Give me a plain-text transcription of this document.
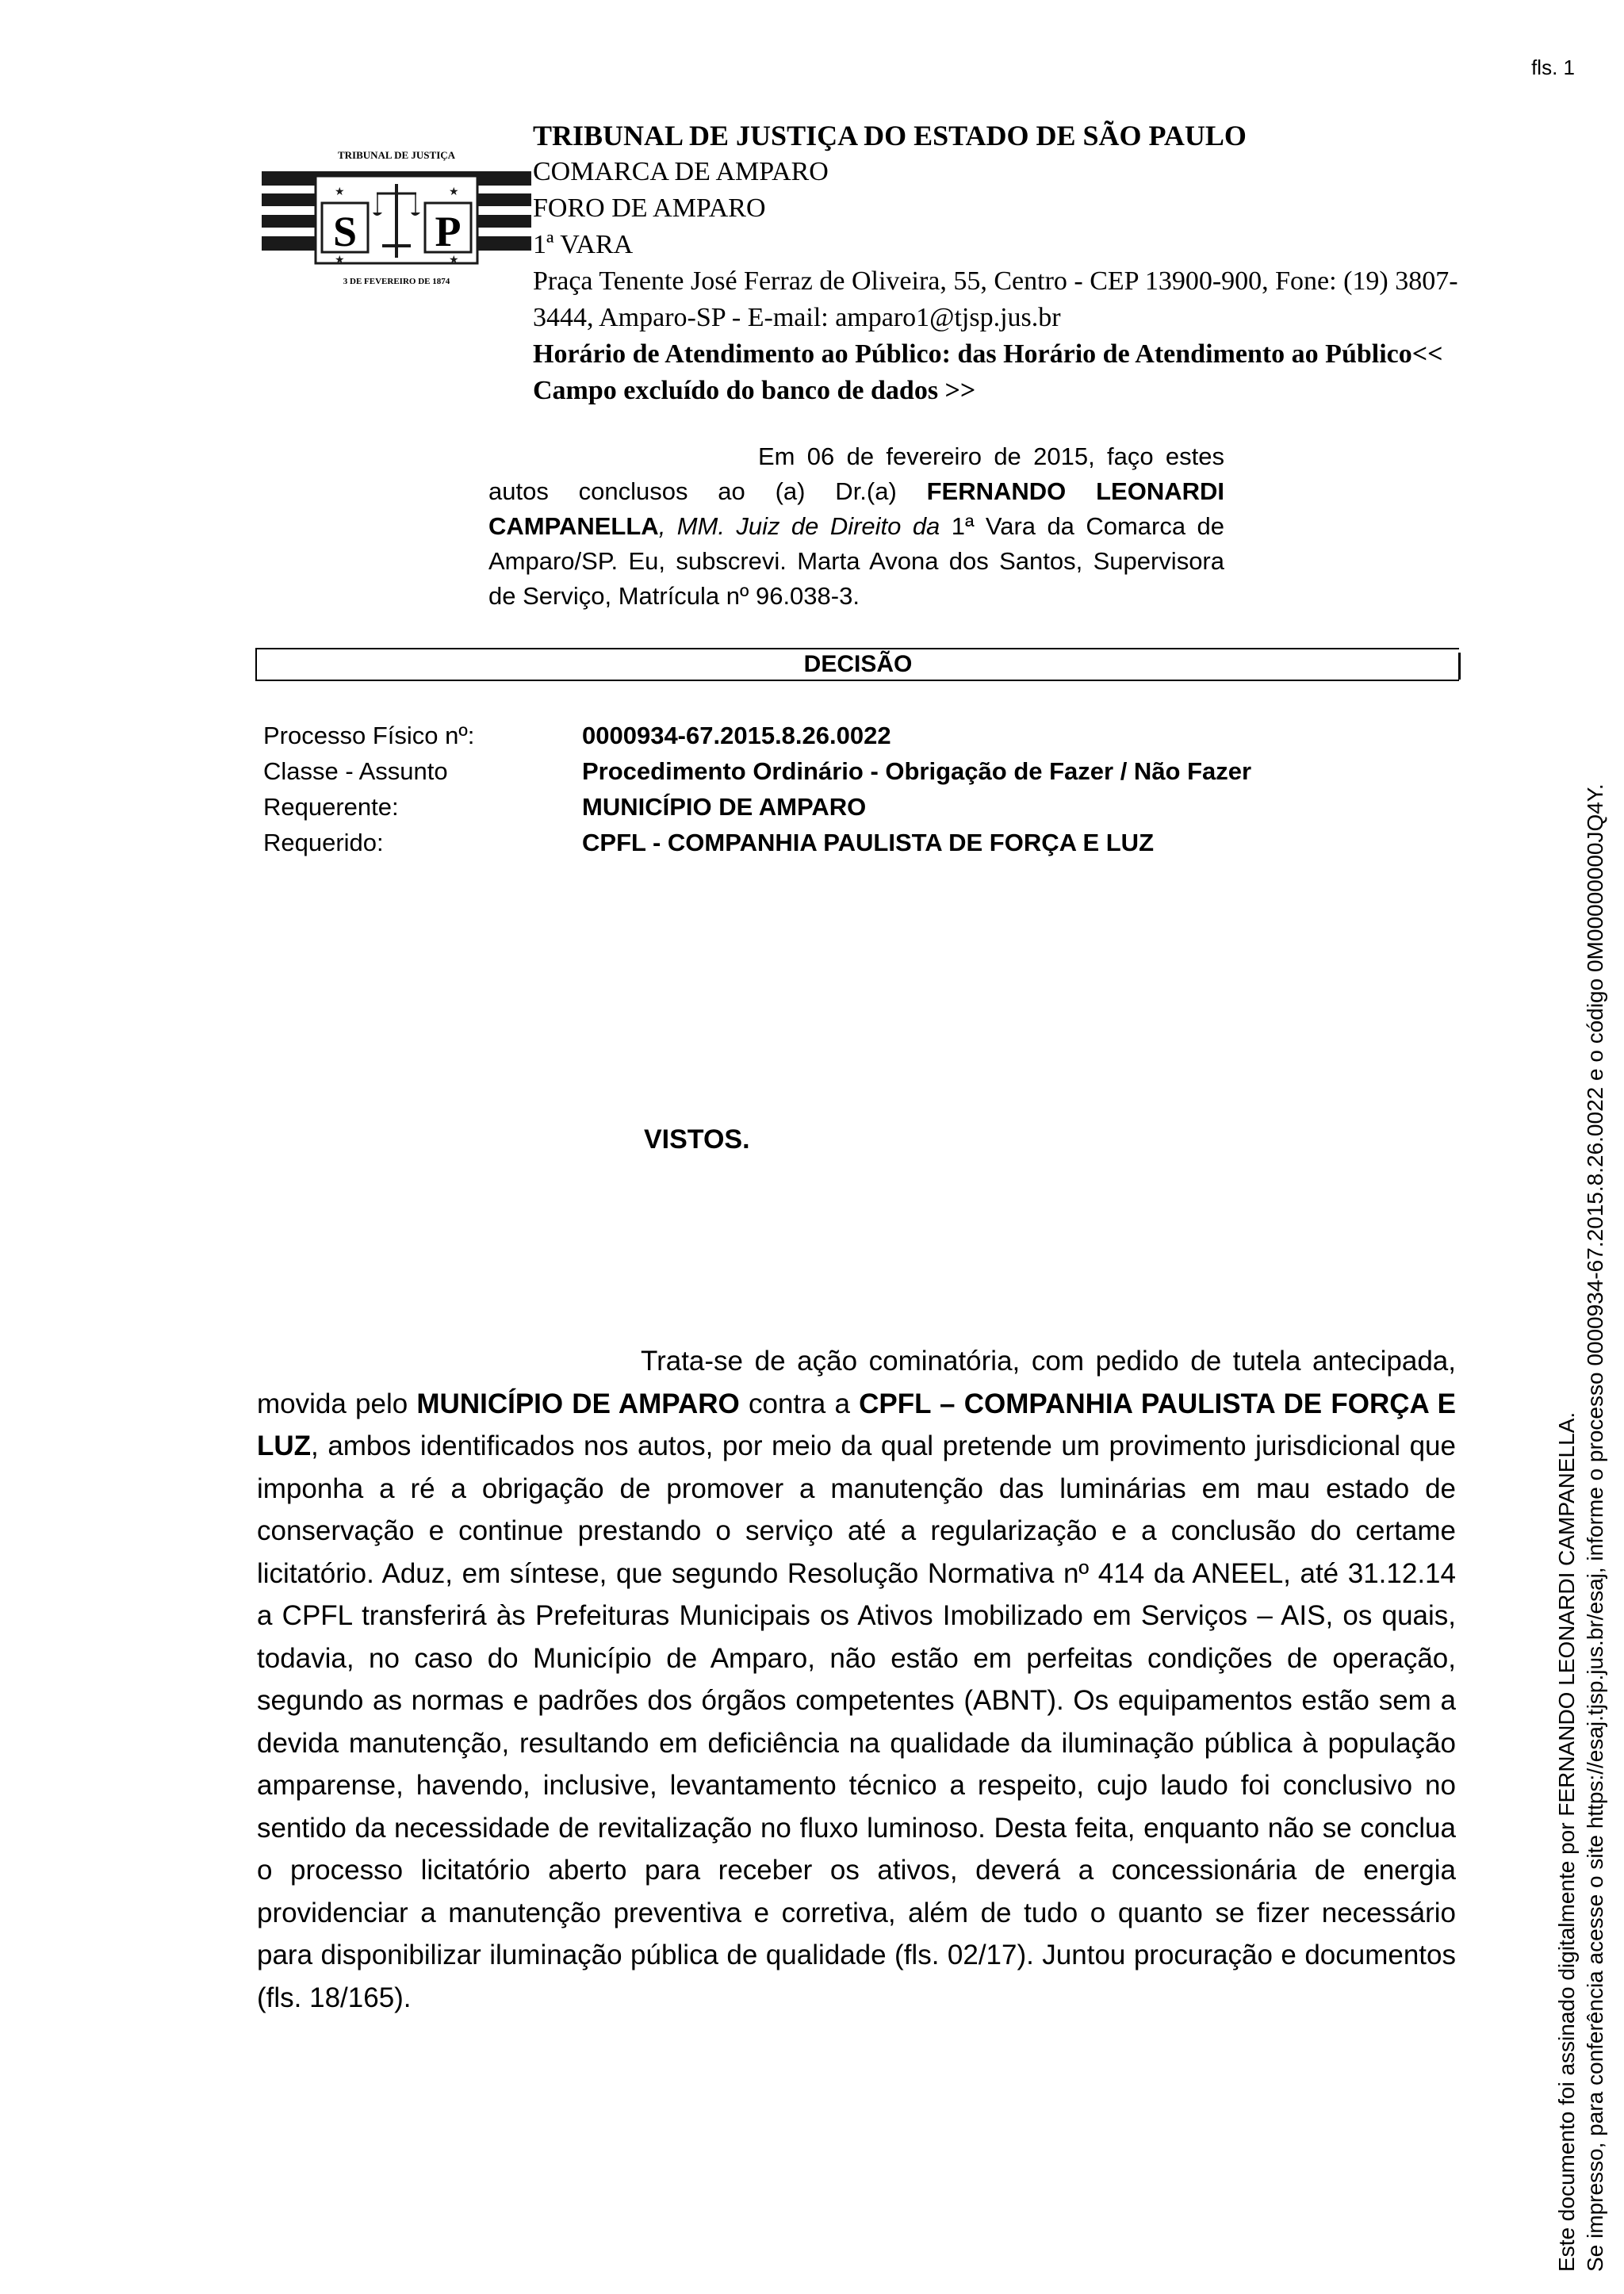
fls. 1
TRIBUNAL DE JUSTIÇA
S P
★	★
★	★
3 DE FEVEREIRO DE 1874
TRIBUNAL DE JUSTIÇA DO ESTADO DE SÃO PAULO
COMARCA DE AMPARO
FORO DE AMPARO
1ª VARA
Praça Tenente José Ferraz de Oliveira, 55, Centro - CEP 13900-900, Fone: (19) 3807-3444, Amparo-SP - E-mail: amparo1@tjsp.jus.br
Horário de Atendimento ao Público: das Horário de Atendimento ao Público<< Campo excluído do banco de dados >>
Em 06 de fevereiro de 2015, faço estes autos conclusos ao (a) Dr.(a) FERNANDO LEONARDI CAMPANELLA, MM. Juiz de Direito da 1ª Vara da Comarca de Amparo/SP. Eu, subscrevi. Marta Avona dos Santos, Supervisora de Serviço, Matrícula nº 96.038-3.
DECISÃO
Processo Físico nº:	0000934-67.2015.8.26.0022
Classe - Assunto	Procedimento Ordinário - Obrigação de Fazer / Não Fazer
Requerente:	MUNICÍPIO DE AMPARO
Requerido:	CPFL - COMPANHIA PAULISTA DE FORÇA E LUZ
VISTOS.
Trata-se de ação cominatória, com pedido de tutela antecipada, movida pelo MUNICÍPIO DE AMPARO contra a CPFL – COMPANHIA PAULISTA DE FORÇA E LUZ, ambos identificados nos autos, por meio da qual pretende um provimento jurisdicional que imponha a ré a obrigação de promover a manutenção das luminárias em mau estado de conservação e continue prestando o serviço até a regularização e a conclusão do certame licitatório. Aduz, em síntese, que segundo Resolução Normativa nº 414 da ANEEL, até 31.12.14 a CPFL transferirá às Prefeituras Municipais os Ativos Imobilizado em Serviços – AIS, os quais, todavia, no caso do Município de Amparo, não estão em perfeitas condições de operação, segundo as normas e padrões dos órgãos competentes (ABNT). Os equipamentos estão sem a devida manutenção, resultando em deficiência na qualidade da iluminação pública à população amparense, havendo, inclusive, levantamento técnico a respeito, cujo laudo foi conclusivo no sentido da necessidade de revitalização no fluxo luminoso. Desta feita, enquanto não se conclua o processo licitatório aberto para receber os ativos, deverá a concessionária de energia providenciar a manutenção preventiva e corretiva, além de tudo o quanto se fizer necessário para disponibilizar iluminação pública de qualidade (fls. 02/17). Juntou procuração e documentos (fls. 18/165).	Este documento foi assinado digitalmente por FERNANDO LEONARDI CAMPANELLA. Se impresso, para conferência acesse o site https://esaj.tjsp.jus.br/esaj, informe o processo 0000934-67.2015.8.26.0022 e o código 0M00000000JQ4Y.
